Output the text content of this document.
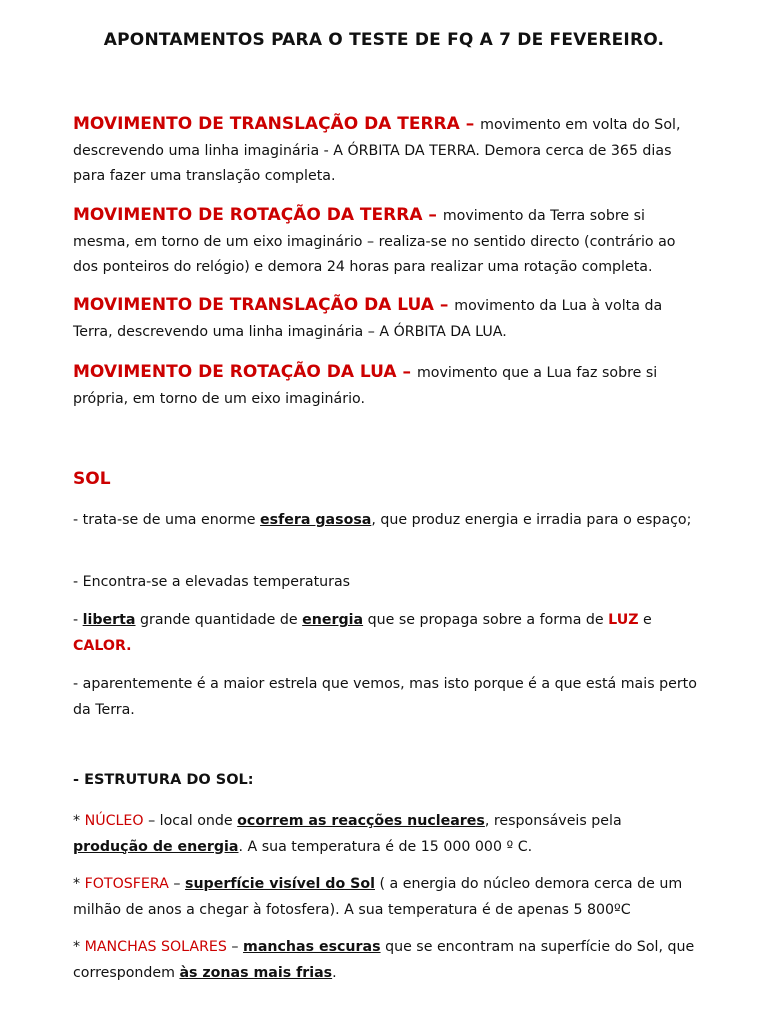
APONTAMENTOS PARA O TESTE DE FQ A 7 DE FEVEREIRO.
MOVIMENTO DE TRANSLAÇÃO DA TERRA – movimento em volta do Sol, descrevendo uma linha imaginária - A ÓRBITA DA TERRA. Demora cerca de 365 dias para fazer uma translação completa.
MOVIMENTO DE ROTAÇÃO DA TERRA – movimento da Terra sobre si mesma, em torno de um eixo imaginário – realiza-se no sentido directo (contrário ao dos ponteiros do relógio) e demora 24 horas para realizar uma rotação completa.
MOVIMENTO DE TRANSLAÇÃO DA LUA – movimento da Lua à volta da Terra, descrevendo uma linha imaginária – A ÓRBITA DA LUA.
MOVIMENTO DE ROTAÇÃO DA LUA – movimento que a Lua faz sobre si própria, em torno de um eixo imaginário.
SOL
- trata-se de uma enorme esfera gasosa, que produz energia e irradia para o espaço;
- Encontra-se a elevadas temperaturas
- liberta grande quantidade de energia que se propaga sobre a forma de LUZ e CALOR.
- aparentemente é a maior estrela que vemos, mas isto porque é a que está mais perto da Terra.
- ESTRUTURA DO SOL:
* NÚCLEO – local onde ocorrem as reacções nucleares, responsáveis pela produção de energia. A sua temperatura é de 15 000 000 º C.
* FOTOSFERA – superfície visível do Sol ( a energia do núcleo demora cerca de um milhão de anos a chegar à fotosfera). A sua temperatura é de apenas 5 800ºC
* MANCHAS SOLARES – manchas escuras que se encontram na superfície do Sol, que correspondem às zonas mais frias.
